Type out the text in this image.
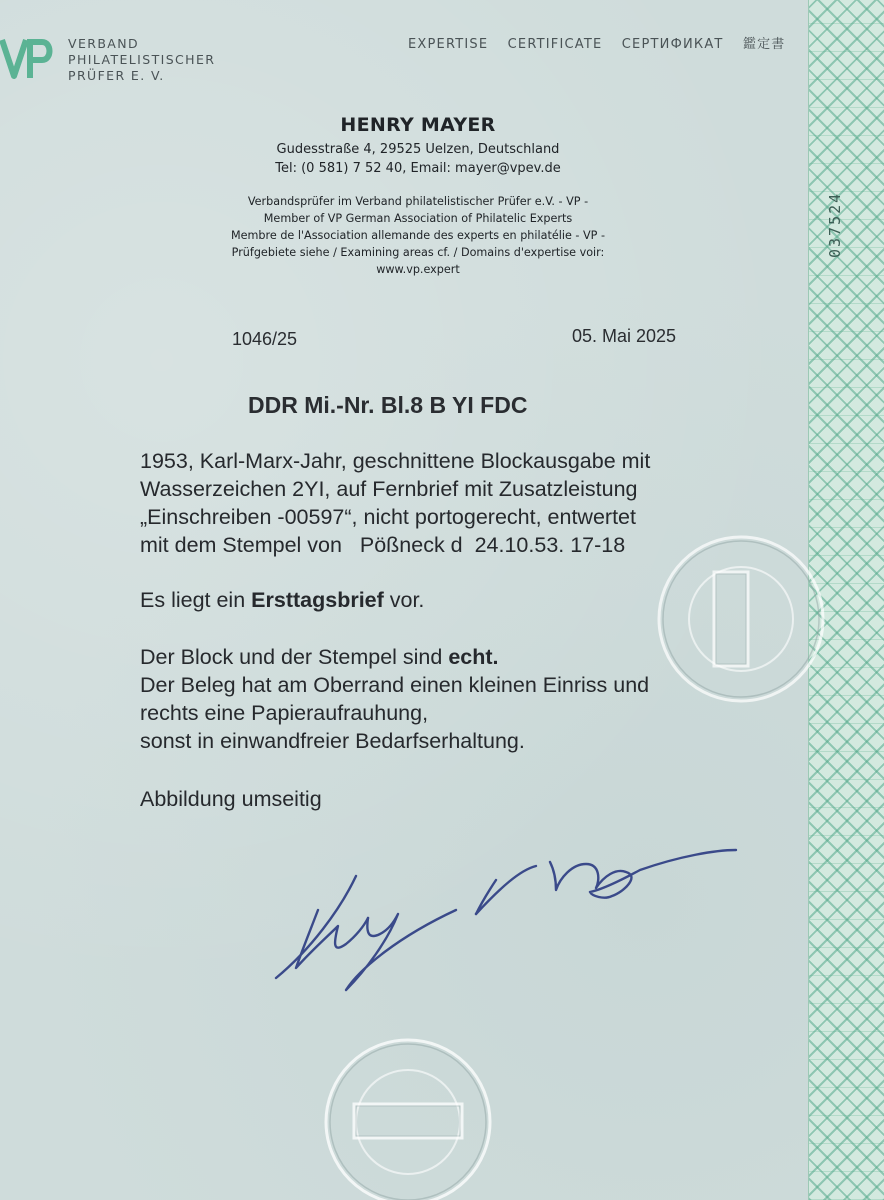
037524
VERBAND
PHILATELISTISCHER
PRÜFER E. V.
EXPERTISE CERTIFICATE СЕРТИФИКАТ 鑑定書
HENRY MAYER
Gudesstraße 4, 29525 Uelzen, Deutschland
Tel: (0 581) 7 52 40, Email: mayer@vpev.de
Verbandsprüfer im Verband philatelistischer Prüfer e.V. - VP -
Member of VP German Association of Philatelic Experts
Membre de l'Association allemande des experts en philatélie - VP -
Prüfgebiete siehe / Examining areas cf. / Domains d'expertise voir:
www.vp.expert
1046/25	05. Mai 2025
DDR Mi.-Nr. Bl.8 B YI FDC
1953, Karl-Marx-Jahr, geschnittene Blockausgabe mit
Wasserzeichen 2YI, auf Fernbrief mit Zusatzleistung
„Einschreiben -00597“, nicht portogerecht, entwertet
mit dem Stempel von   Pößneck d  24.10.53. 17-18
Es liegt ein Ersttagsbrief vor.
Der Block und der Stempel sind echt.
Der Beleg hat am Oberrand einen kleinen Einriss und
rechts eine Papieraufrauhung,
sonst in einwandfreier Bedarfserhaltung.
Abbildung umseitig
